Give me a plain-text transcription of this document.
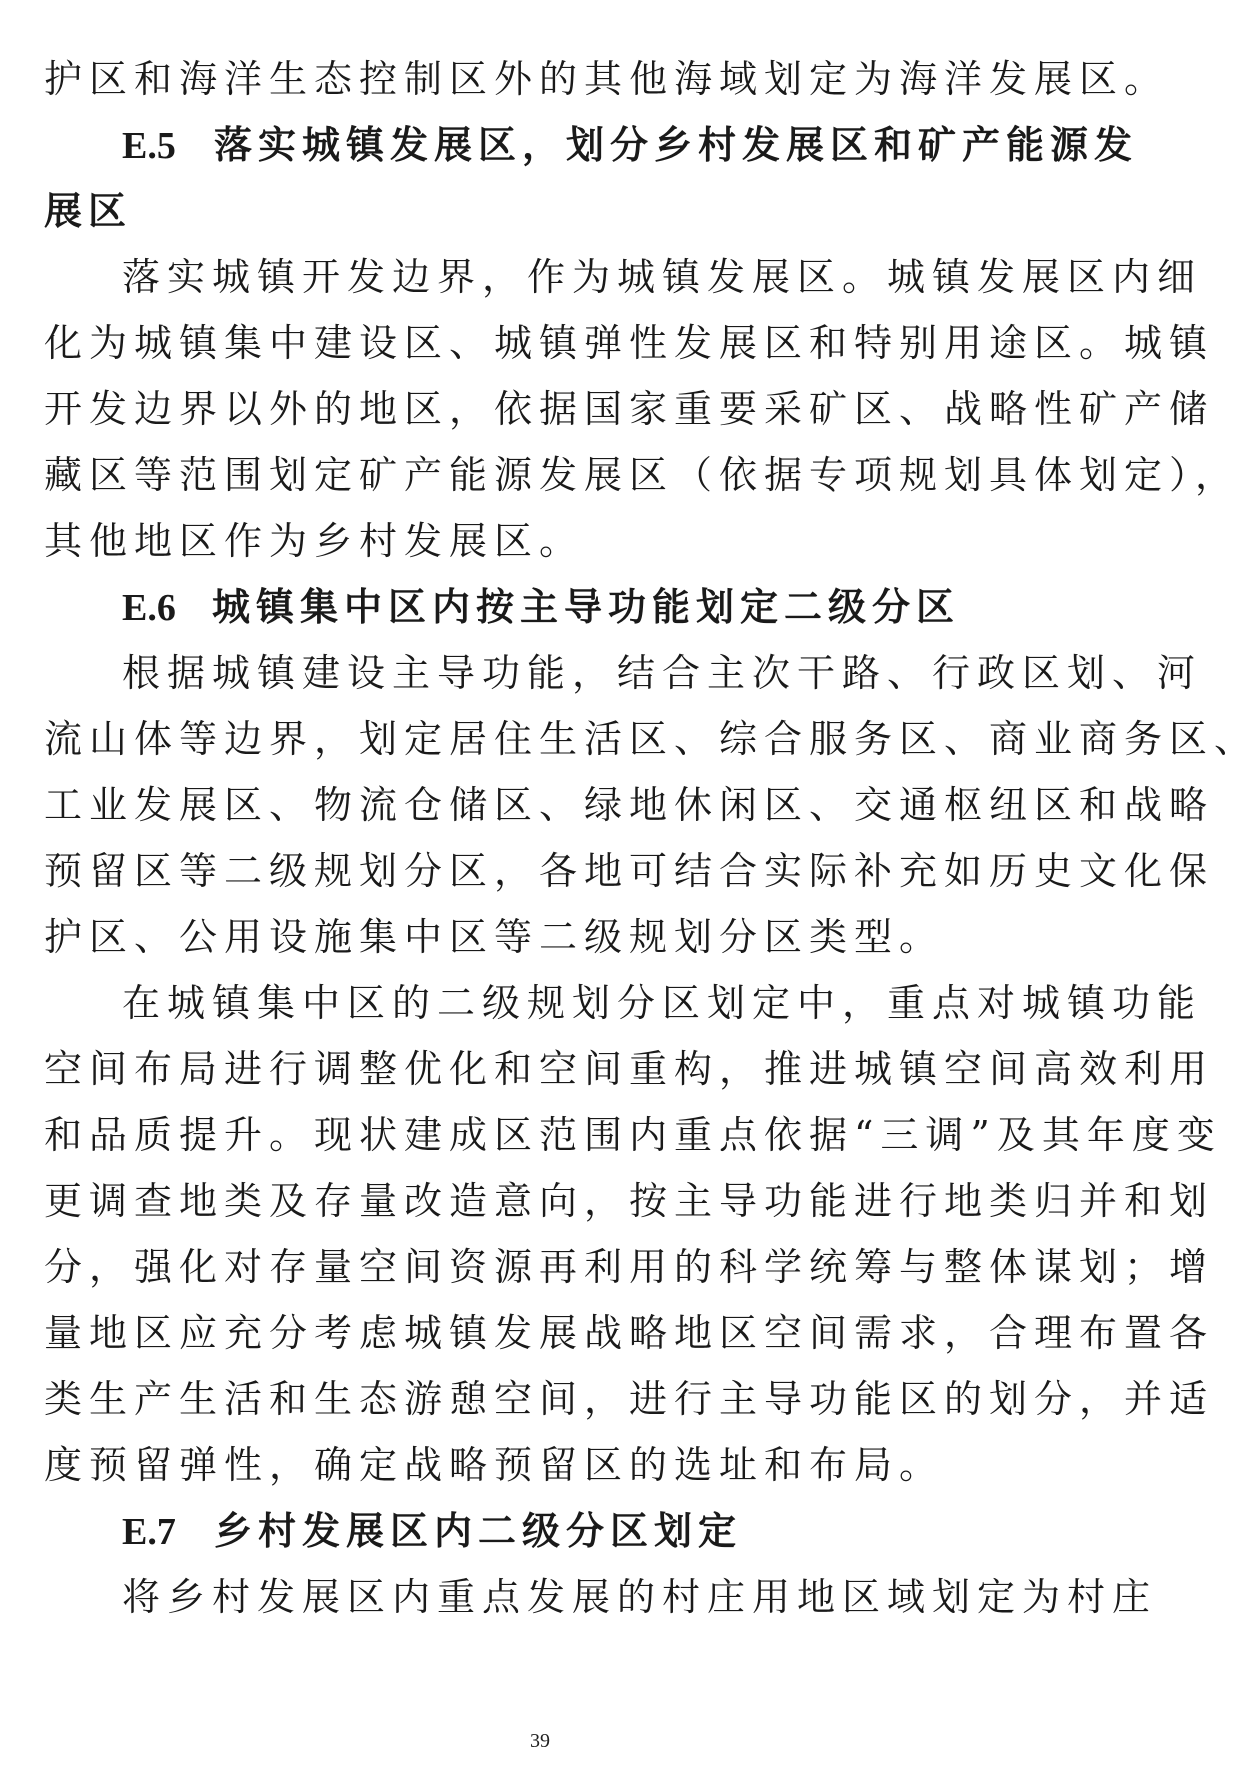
护区和海洋生态控制区外的其他海域划定为海洋发展区。
E.5 落实城镇发展区，划分乡村发展区和矿产能源发
展区
落实城镇开发边界，作为城镇发展区。城镇发展区内细
化为城镇集中建设区、城镇弹性发展区和特别用途区。城镇
开发边界以外的地区，依据国家重要采矿区、战略性矿产储
藏区等范围划定矿产能源发展区（依据专项规划具体划定），
其他地区作为乡村发展区。
E.6 城镇集中区内按主导功能划定二级分区
根据城镇建设主导功能，结合主次干路、行政区划、河
流山体等边界，划定居住生活区、综合服务区、商业商务区、
工业发展区、物流仓储区、绿地休闲区、交通枢纽区和战略
预留区等二级规划分区，各地可结合实际补充如历史文化保
护区、公用设施集中区等二级规划分区类型。
在城镇集中区的二级规划分区划定中，重点对城镇功能
空间布局进行调整优化和空间重构，推进城镇空间高效利用
和品质提升。现状建成区范围内重点依据“三调”及其年度变
更调查地类及存量改造意向，按主导功能进行地类归并和划
分，强化对存量空间资源再利用的科学统筹与整体谋划；增
量地区应充分考虑城镇发展战略地区空间需求，合理布置各
类生产生活和生态游憩空间，进行主导功能区的划分，并适
度预留弹性，确定战略预留区的选址和布局。
E.7 乡村发展区内二级分区划定
将乡村发展区内重点发展的村庄用地区域划定为村庄
39
